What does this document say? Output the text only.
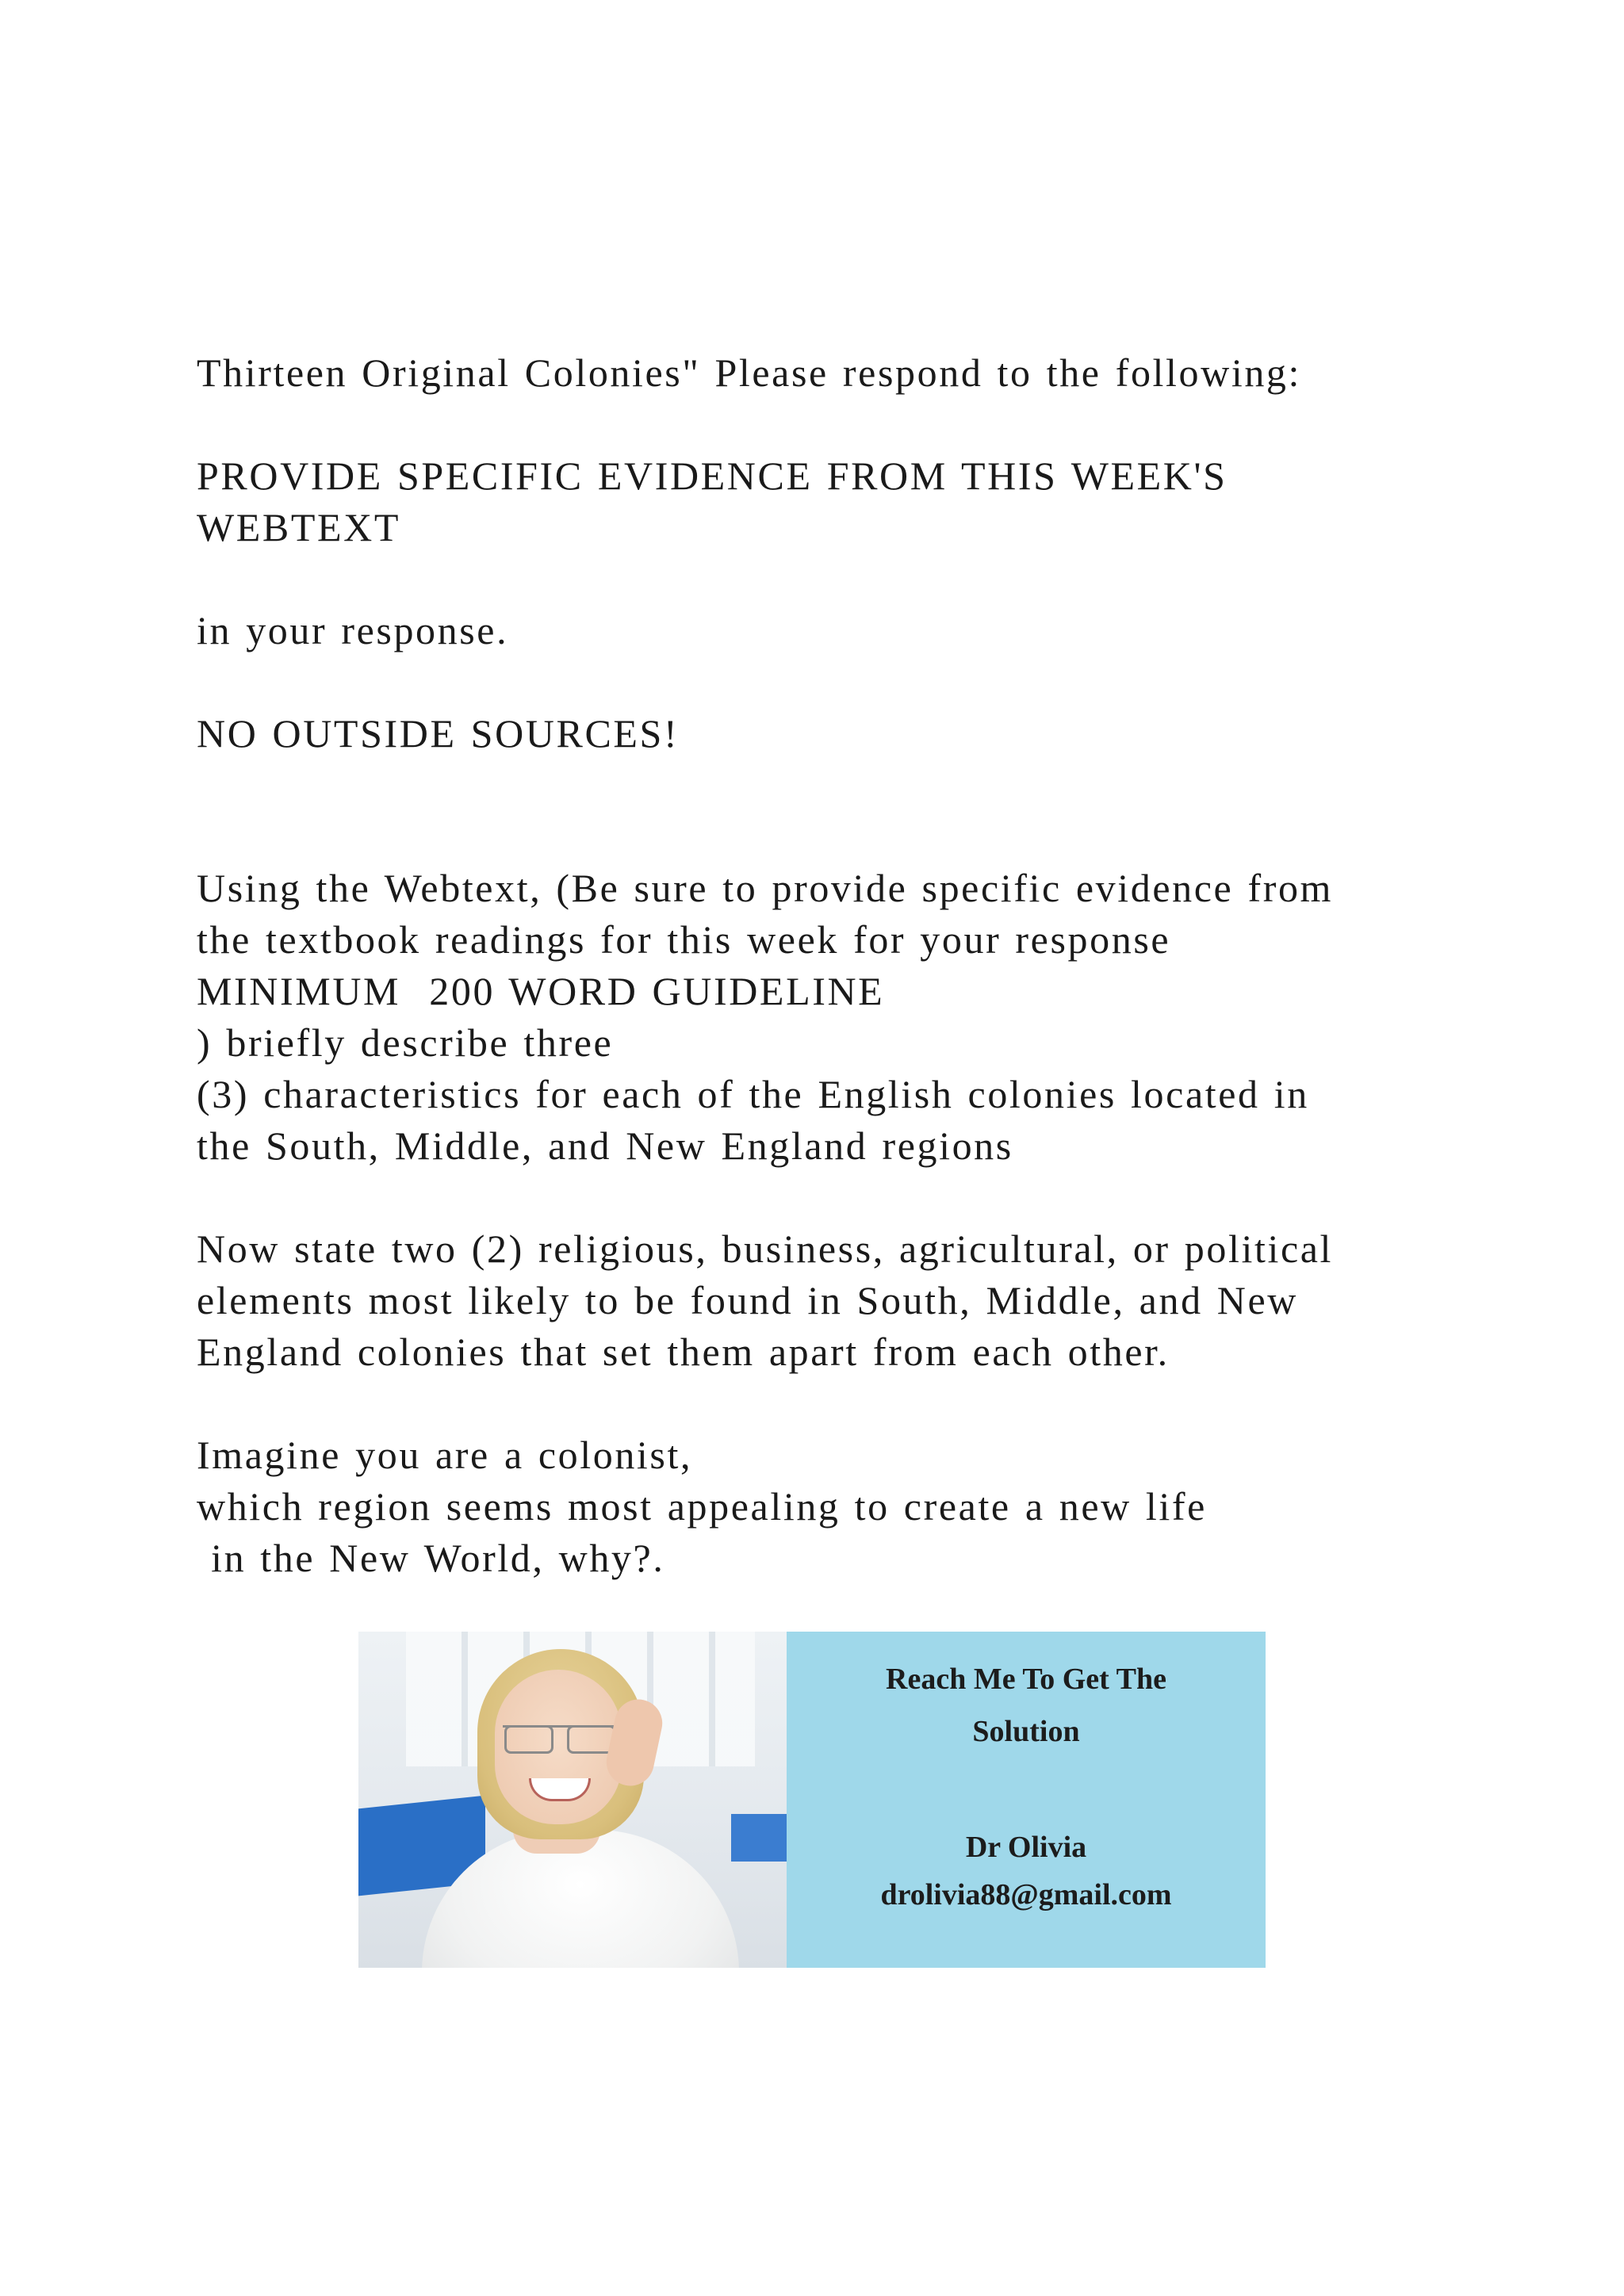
Thirteen Original Colonies" Please respond to the following:
PROVIDE SPECIFIC EVIDENCE FROM THIS WEEK'S
WEBTEXT
in your response.
NO OUTSIDE SOURCES!
Using the Webtext, (Be sure to provide specific evidence from
the textbook readings for this week for your response
MINIMUM  200 WORD GUIDELINE
) briefly describe three
(3) characteristics for each of the English colonies located in
the South, Middle, and New England regions
Now state two (2) religious, business, agricultural, or political
elements most likely to be found in South, Middle, and New
England colonies that set them apart from each other.
Imagine you are a colonist,
which region seems most appealing to create a new life
in the New World, why?.
Reach Me To Get The
Solution
Dr Olivia
drolivia88@gmail.com
